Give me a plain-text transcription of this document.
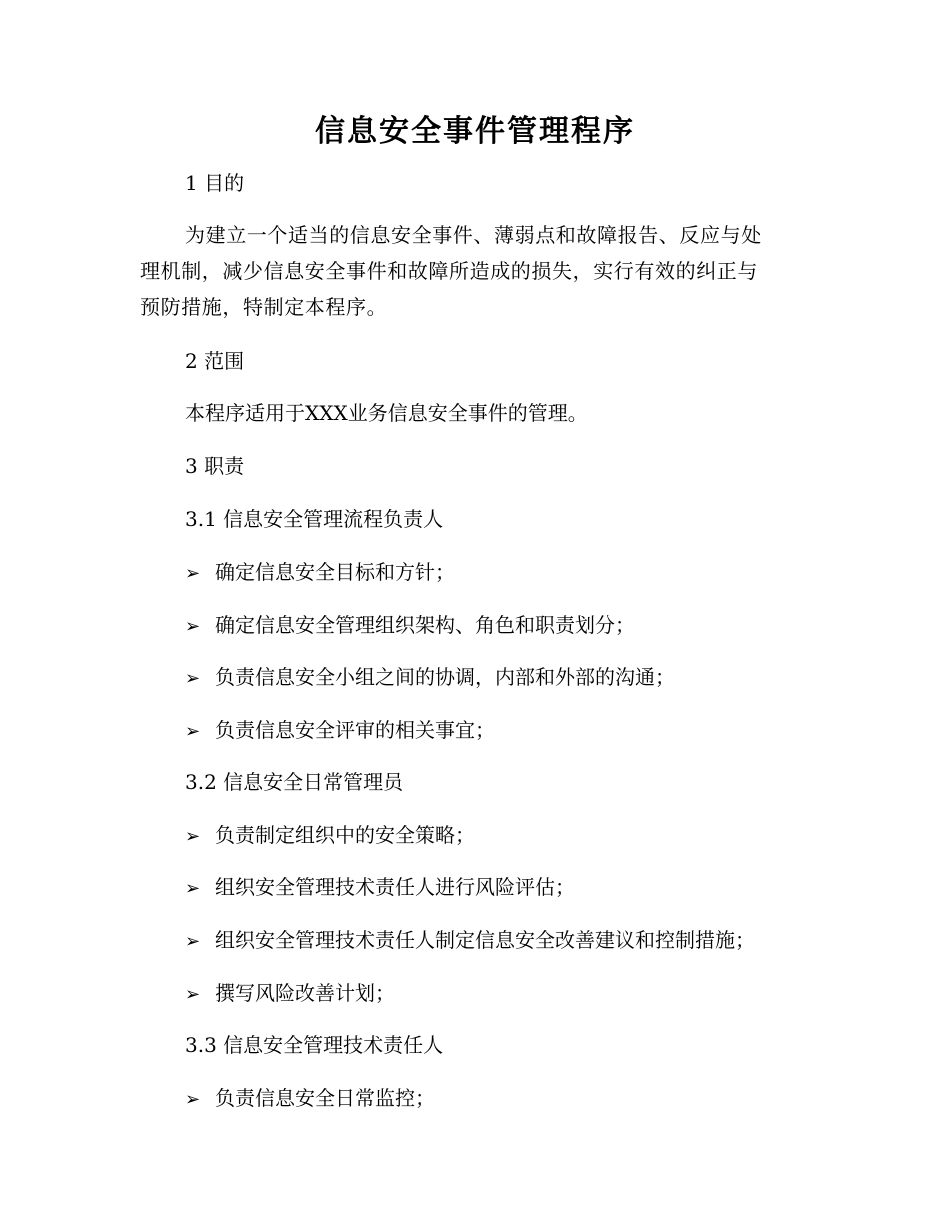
信息安全事件管理程序
1 目的
为建立一个适当的信息安全事件、薄弱点和故障报告、反应与处
理机制，减少信息安全事件和故障所造成的损失，实行有效的纠正与
预防措施，特制定本程序。
2 范围
本程序适用于XXX业务信息安全事件的管理。
3 职责
3.1 信息安全管理流程负责人
➢ 确定信息安全目标和方针；
➢ 确定信息安全管理组织架构、角色和职责划分；
➢ 负责信息安全小组之间的协调，内部和外部的沟通；
➢ 负责信息安全评审的相关事宜；
3.2 信息安全日常管理员
➢ 负责制定组织中的安全策略；
➢ 组织安全管理技术责任人进行风险评估；
➢ 组织安全管理技术责任人制定信息安全改善建议和控制措施；
➢ 撰写风险改善计划；
3.3 信息安全管理技术责任人
➢ 负责信息安全日常监控；
